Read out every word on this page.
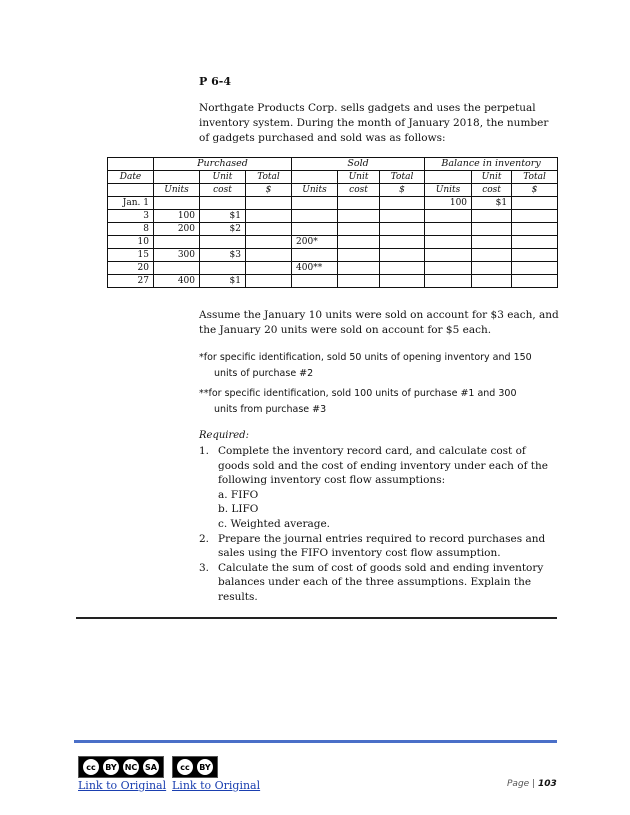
P 6-4
Northgate Products Corp. sells gadgets and uses the perpetual inventory system. During the month of January 2018, the number of gadgets purchased and sold was as follows:
	Purchased			Sold			Balance in inventory		
Date		Unit	Total		Unit	Total		Unit	Total
	Units	cost	$	Units	cost	$	Units	cost	$
Jan. 1							100	$1	
3	100	$1							
8	200	$2							
10				200*					
15	300	$3							
20				400**					
27	400	$1							
Assume the January 10 units were sold on account for $3 each, and the January 20 units were sold on account for $5 each.
*for specific identification, sold 50 units of opening inventory and 150
units of purchase #2
**for specific identification, sold 100 units of purchase #1 and 300
units from purchase #3
Required:
1. Complete the inventory record card, and calculate cost of goods sold and the cost of ending inventory under each of the following inventory cost flow assumptions:
a. FIFO
b. LIFO
c. Weighted average.
2. Prepare the journal entries required to record purchases and sales using the FIFO inventory cost flow assumption.
3. Calculate the sum of cost of goods sold and ending inventory balances under each of the three assumptions. Explain the results.
cc	BY NC SA	cc	BY
Link to Original Link to Original	Page | 103
